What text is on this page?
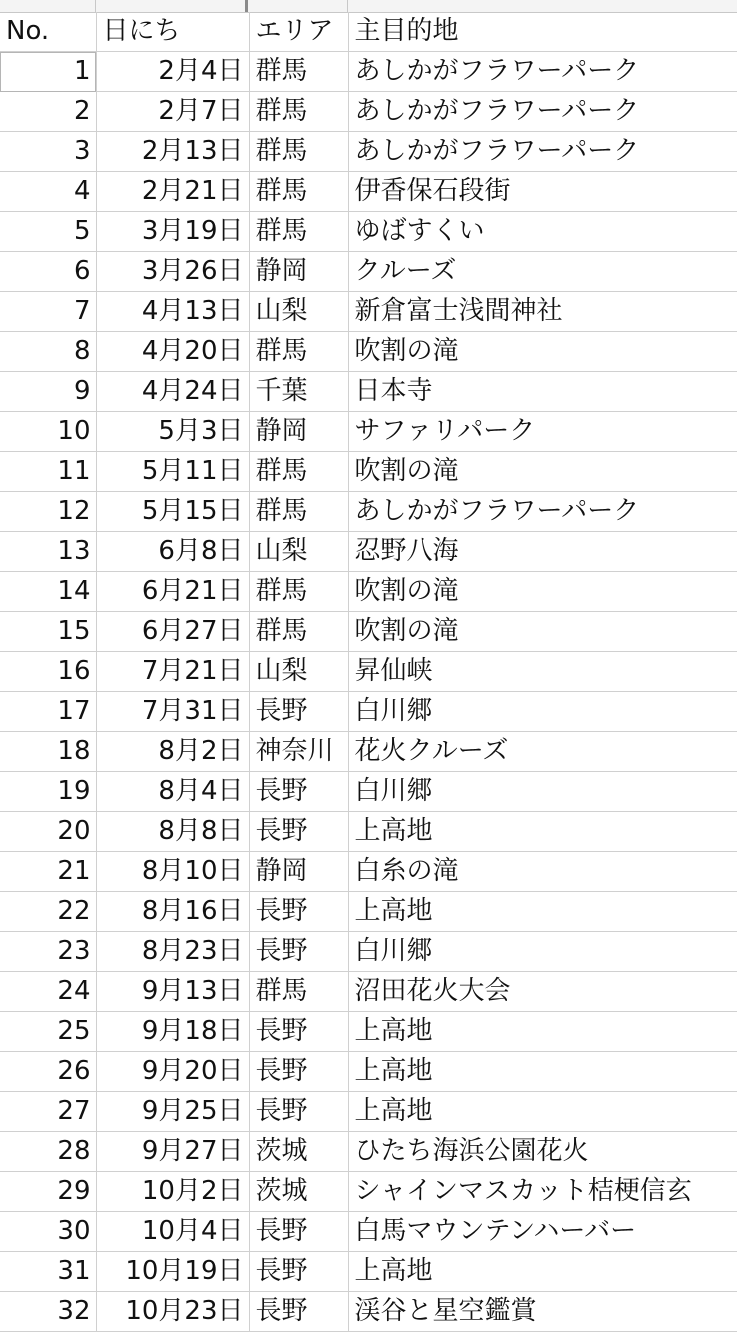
No.	日にち	エリア	主目的地
1	2月4日	群馬	あしかがフラワーパーク
2	2月7日	群馬	あしかがフラワーパーク
3	2月13日	群馬	あしかがフラワーパーク
4	2月21日	群馬	伊香保石段街
5	3月19日	群馬	ゆばすくい
6	3月26日	静岡	クルーズ
7	4月13日	山梨	新倉富士浅間神社
8	4月20日	群馬	吹割の滝
9	4月24日	千葉	日本寺
10	5月3日	静岡	サファリパーク
11	5月11日	群馬	吹割の滝
12	5月15日	群馬	あしかがフラワーパーク
13	6月8日	山梨	忍野八海
14	6月21日	群馬	吹割の滝
15	6月27日	群馬	吹割の滝
16	7月21日	山梨	昇仙峡
17	7月31日	長野	白川郷
18	8月2日	神奈川	花火クルーズ
19	8月4日	長野	白川郷
20	8月8日	長野	上高地
21	8月10日	静岡	白糸の滝
22	8月16日	長野	上高地
23	8月23日	長野	白川郷
24	9月13日	群馬	沼田花火大会
25	9月18日	長野	上高地
26	9月20日	長野	上高地
27	9月25日	長野	上高地
28	9月27日	茨城	ひたち海浜公園花火
29	10月2日	茨城	シャインマスカット桔梗信玄
30	10月4日	長野	白馬マウンテンハーバー
31	10月19日	長野	上高地
32	10月23日	長野	渓谷と星空鑑賞
